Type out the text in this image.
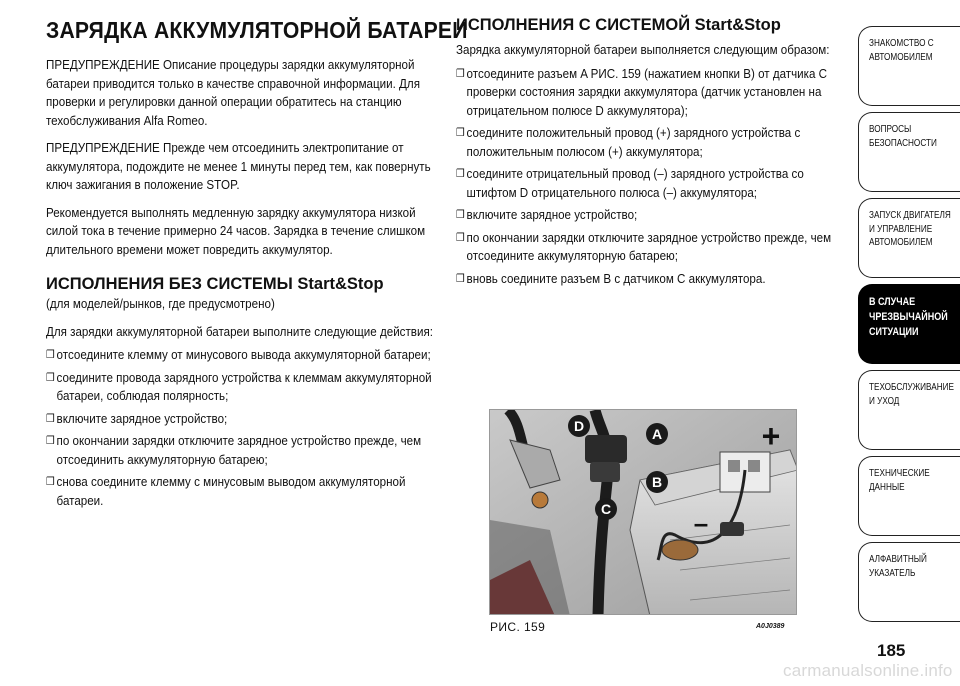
ЗАРЯДКА АККУМУЛЯТОРНОЙ БАТАРЕИ
ПРЕДУПРЕЖДЕНИЕ Описание процедуры зарядки аккумуляторной батареи приводится только в качестве справочной информации. Для проверки и регулировки данной операции обратитесь на станцию техобслуживания Alfa Romeo.
ПРЕДУПРЕЖДЕНИЕ Прежде чем отсоединить электропитание от аккумулятора, подождите не менее 1 минуты перед тем, как повернуть ключ зажигания в положение STOP.
Рекомендуется выполнять медленную зарядку аккумулятора низкой силой тока в течение примерно 24 часов. Зарядка в течение слишком длительного времени может повредить аккумулятор.
ИСПОЛНЕНИЯ БЕЗ СИСТЕМЫ Start&Stop
(для моделей/рынков, где предусмотрено)
Для зарядки аккумуляторной батареи выполните следующие действия:
❒ отсоедините клемму от минусового вывода аккумуляторной батареи;
❒ соедините провода зарядного устройства к клеммам аккумуляторной батареи, соблюдая полярность;
❒ включите зарядное устройство;
❒ по окончании зарядки отключите зарядное устройство прежде, чем отсоединить аккумуляторную батарею;
❒ снова соедините клемму с минусовым выводом аккумуляторной батареи.
ИСПОЛНЕНИЯ С СИСТЕМОЙ Start&Stop
Зарядка аккумуляторной батареи выполняется следующим образом:
❒ отсоедините разъем A РИС. 159 (нажатием кнопки B) от датчика C проверки состояния зарядки аккумулятора (датчик установлен на отрицательном полюсе D аккумулятора);
❒ соедините положительный провод (+) зарядного устройства с положительным полюсом (+) аккумулятора;
❒ соедините отрицательный провод (–) зарядного устройства со штифтом D отрицательного полюса (–) аккумулятора;
❒ включите зарядное устройство;
❒ по окончании зарядки отключите зарядное устройство прежде, чем отсоедините аккумуляторную батарею;
❒ вновь соедините разъем B с датчиком C аккумулятора.
D	A
B
C
+
–
РИС. 159	A0J0389
ЗНАКОМСТВО С АВТОМОБИЛЕМ
ВОПРОСЫ БЕЗОПАСНОСТИ
ЗАПУСК ДВИГАТЕЛЯ И УПРАВЛЕНИЕ АВТОМОБИЛЕМ
В СЛУЧАЕ ЧРЕЗВЫЧАЙНОЙ СИТУАЦИИ
ТЕХОБСЛУЖИВАНИЕ И УХОД
ТЕХНИЧЕСКИЕ ДАННЫЕ
АЛФАВИТНЫЙ УКАЗАТЕЛЬ
185
carmanualsonline.info
